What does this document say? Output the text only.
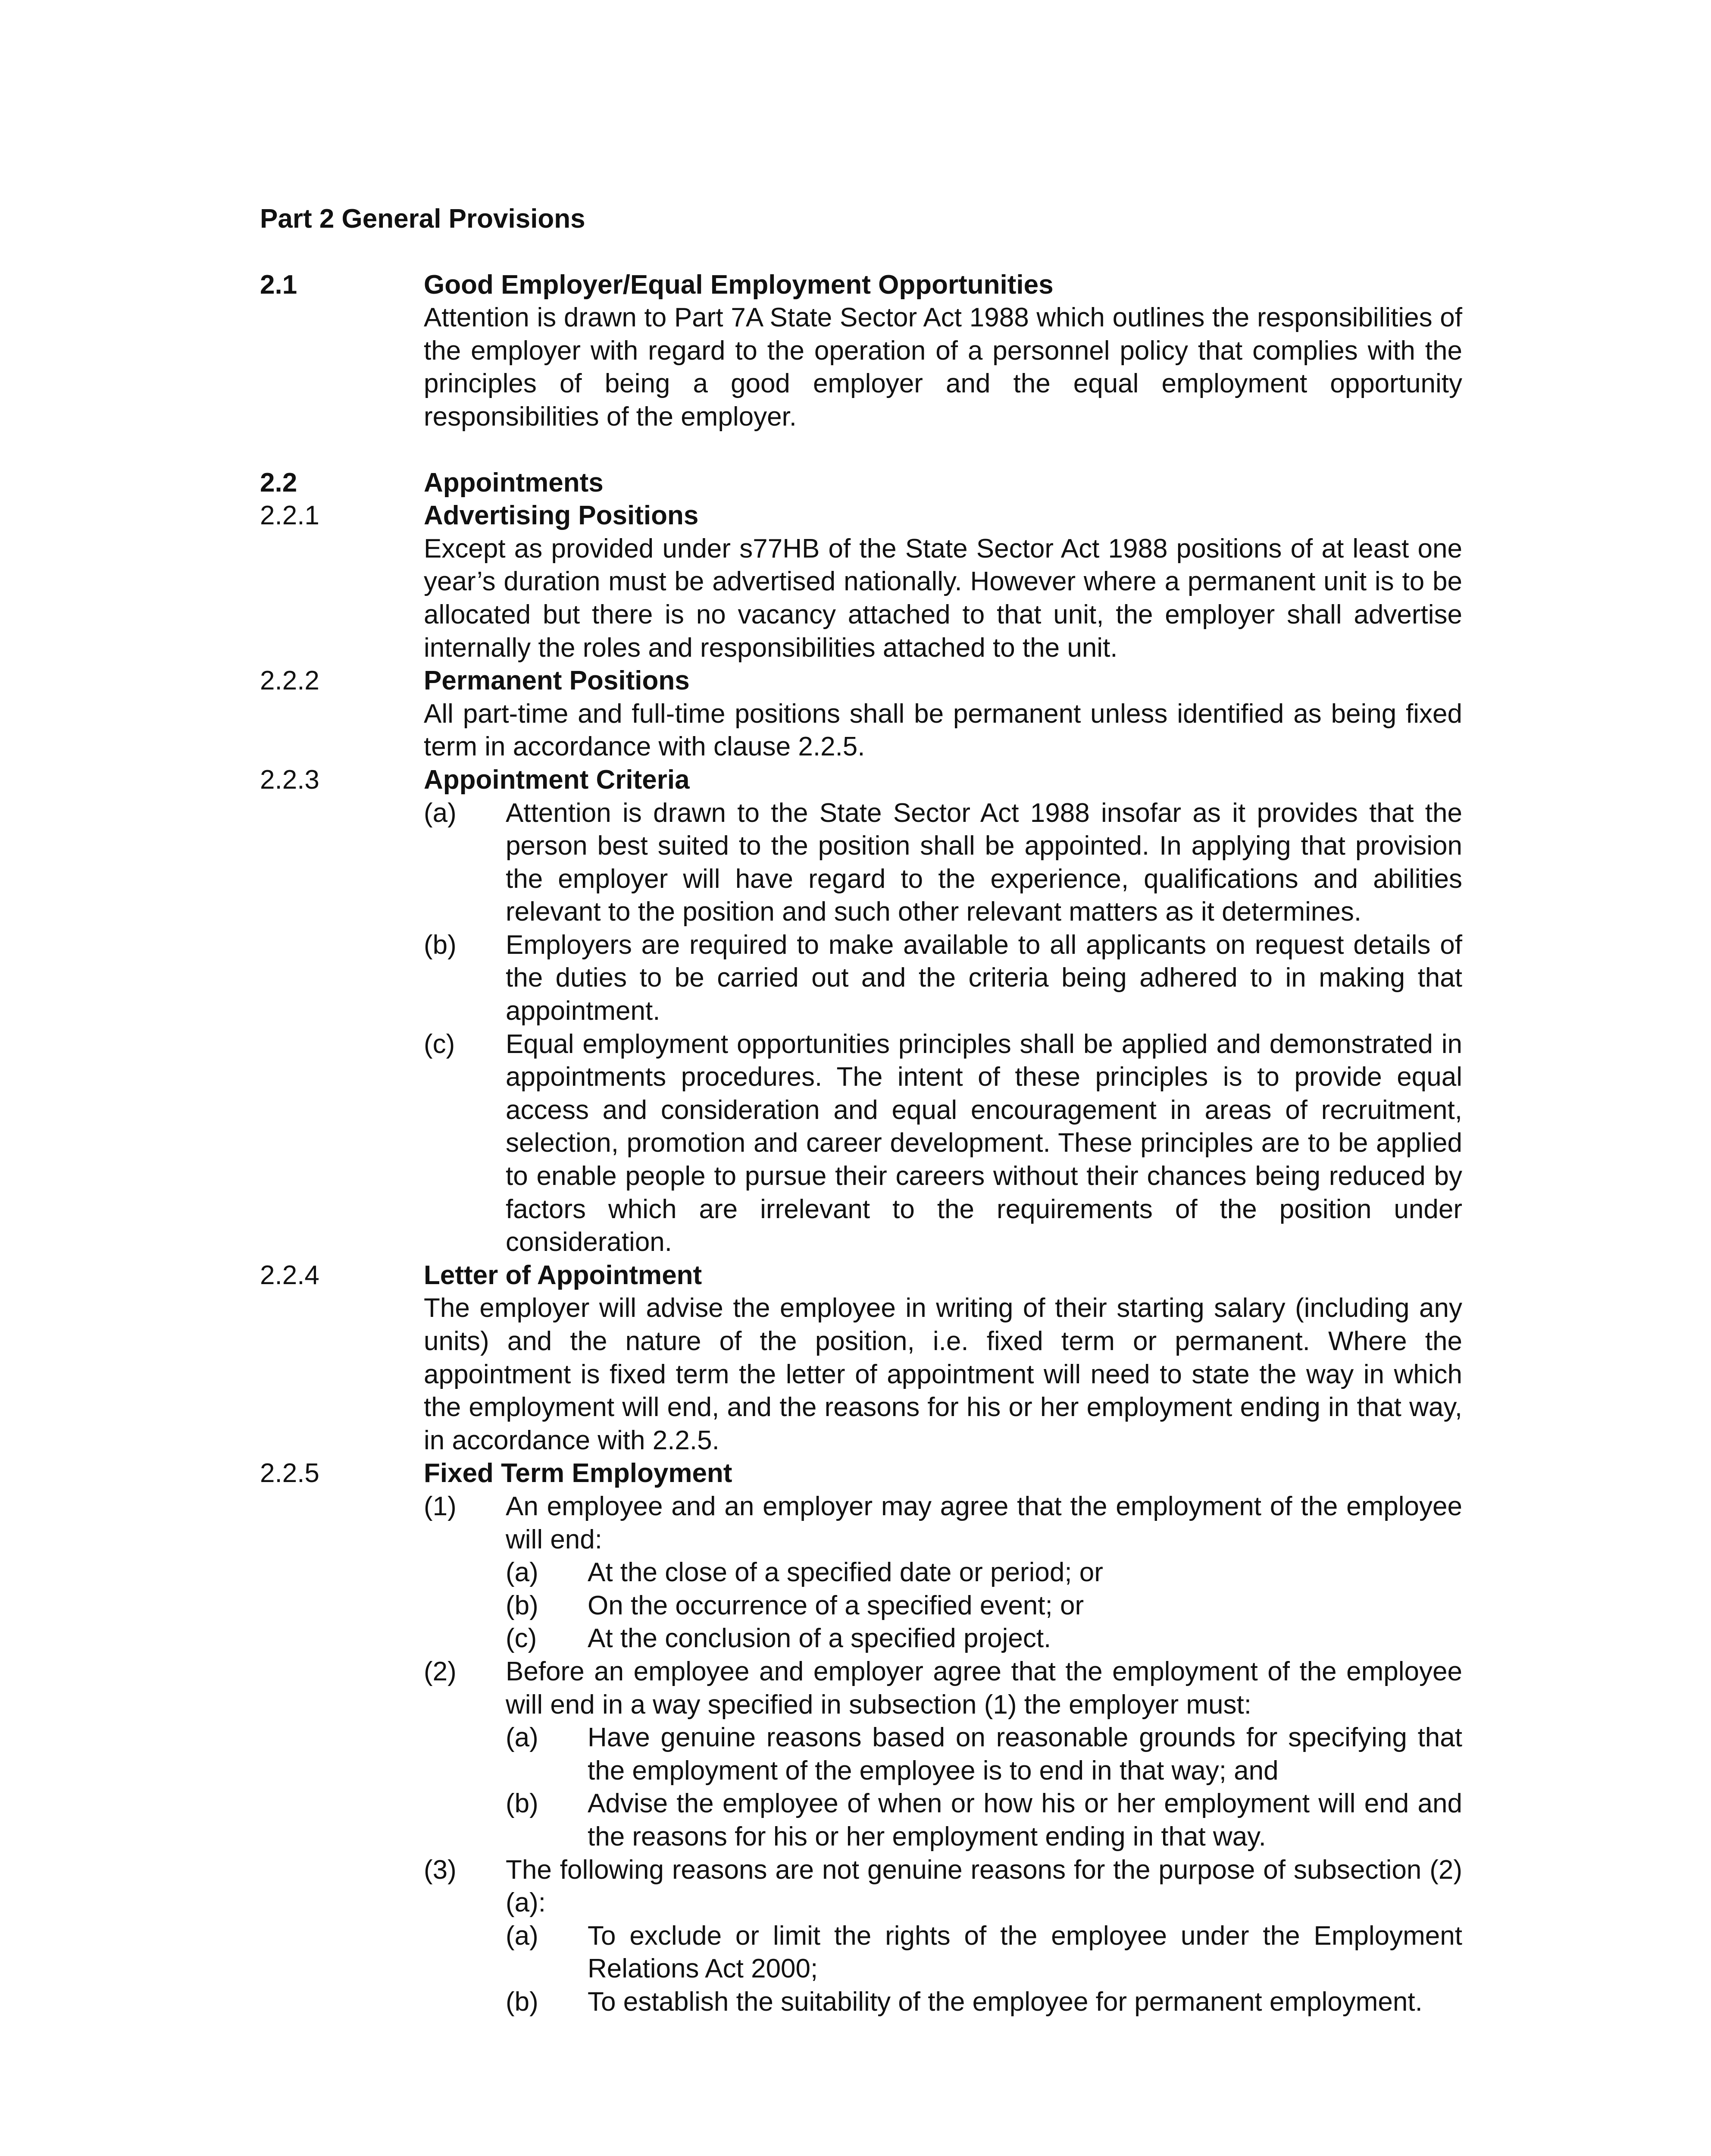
Part 2 General Provisions
2.1	Good Employer/Equal Employment Opportunities
Attention is drawn to Part 7A State Sector Act 1988 which outlines the responsibilities of the employer with regard to the operation of a personnel policy that complies with the principles of being a good employer and the equal employment opportunity responsibilities of the employer.
2.2	Appointments
2.2.1	Advertising Positions
Except as provided under s77HB of the State Sector Act 1988 positions of at least one year’s duration must be advertised nationally. However where a permanent unit is to be allocated but there is no vacancy attached to that unit, the employer shall advertise internally the roles and responsibilities attached to the unit.
2.2.2	Permanent Positions
All part-time and full-time positions shall be permanent unless identified as being fixed term in accordance with clause 2.2.5.
2.2.3	Appointment Criteria
(a)	Attention is drawn to the State Sector Act 1988 insofar as it provides that the person best suited to the position shall be appointed. In applying that provision the employer will have regard to the experience, qualifications and abilities relevant to the position and such other relevant matters as it determines.
(b)	Employers are required to make available to all applicants on request details of the duties to be carried out and the criteria being adhered to in making that appointment.
(c)	Equal employment opportunities principles shall be applied and demonstrated in appointments procedures. The intent of these principles is to provide equal access and consideration and equal encouragement in areas of recruitment, selection, promotion and career development. These principles are to be applied to enable people to pursue their careers without their chances being reduced by factors which are irrelevant to the requirements of the position under consideration.
2.2.4	Letter of Appointment
The employer will advise the employee in writing of their starting salary (including any units) and the nature of the position, i.e. fixed term or permanent. Where the appointment is fixed term the letter of appointment will need to state the way in which the employment will end, and the reasons for his or her employment ending in that way, in accordance with 2.2.5.
2.2.5	Fixed Term Employment
(1)	An employee and an employer may agree that the employment of the employee will end:
(a)	At the close of a specified date or period; or
(b)	On the occurrence of a specified event; or
(c)	At the conclusion of a specified project.
(2)	Before an employee and employer agree that the employment of the employee will end in a way specified in subsection (1) the employer must:
(a)	Have genuine reasons based on reasonable grounds for specifying that the employment of the employee is to end in that way; and
(b)	Advise the employee of when or how his or her employment will end and the reasons for his or her employment ending in that way.
(3)	The following reasons are not genuine reasons for the purpose of subsection (2)(a):
(a)	To exclude or limit the rights of the employee under the Employment Relations Act 2000;
(b)	To establish the suitability of the employee for permanent employment.
